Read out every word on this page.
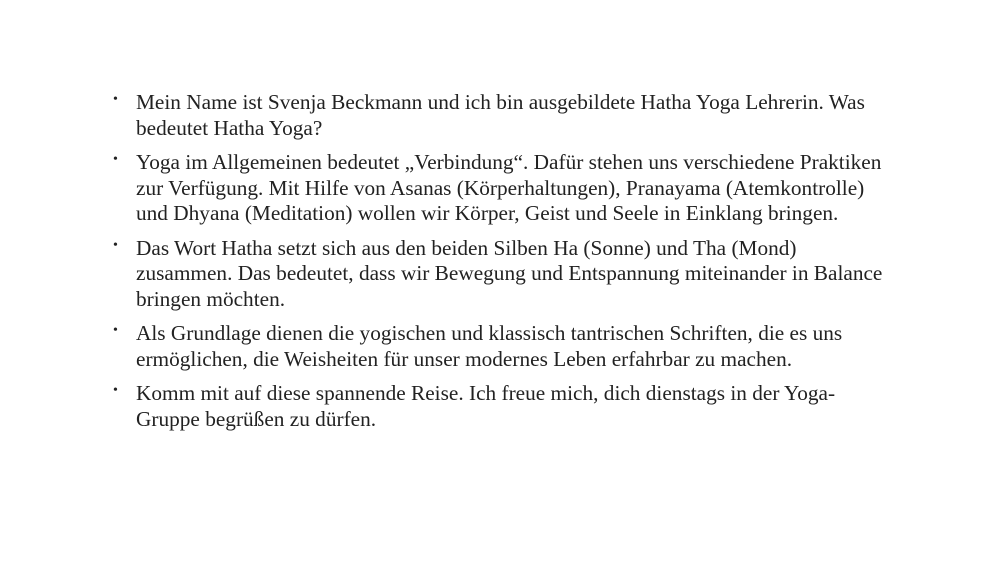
• Mein Name ist Svenja Beckmann und ich bin ausgebildete Hatha Yoga Lehrerin. Was bedeutet Hatha Yoga?
• Yoga im Allgemeinen bedeutet „Verbindung“. Dafür stehen uns verschiedene Praktiken zur Verfügung. Mit Hilfe von Asanas (Körperhaltungen), Pranayama (Atemkontrolle) und Dhyana (Meditation) wollen wir Körper, Geist und Seele in Einklang bringen.
• Das Wort Hatha setzt sich aus den beiden Silben Ha (Sonne) und Tha (Mond) zusammen. Das bedeutet, dass wir Bewegung und Entspannung miteinander in Balance bringen möchten.
• Als Grundlage dienen die yogischen und klassisch tantrischen Schriften, die es uns ermöglichen, die Weisheiten für unser modernes Leben erfahrbar zu machen.
• Komm mit auf diese spannende Reise. Ich freue mich, dich dienstags in der Yoga-Gruppe begrüßen zu dürfen.
